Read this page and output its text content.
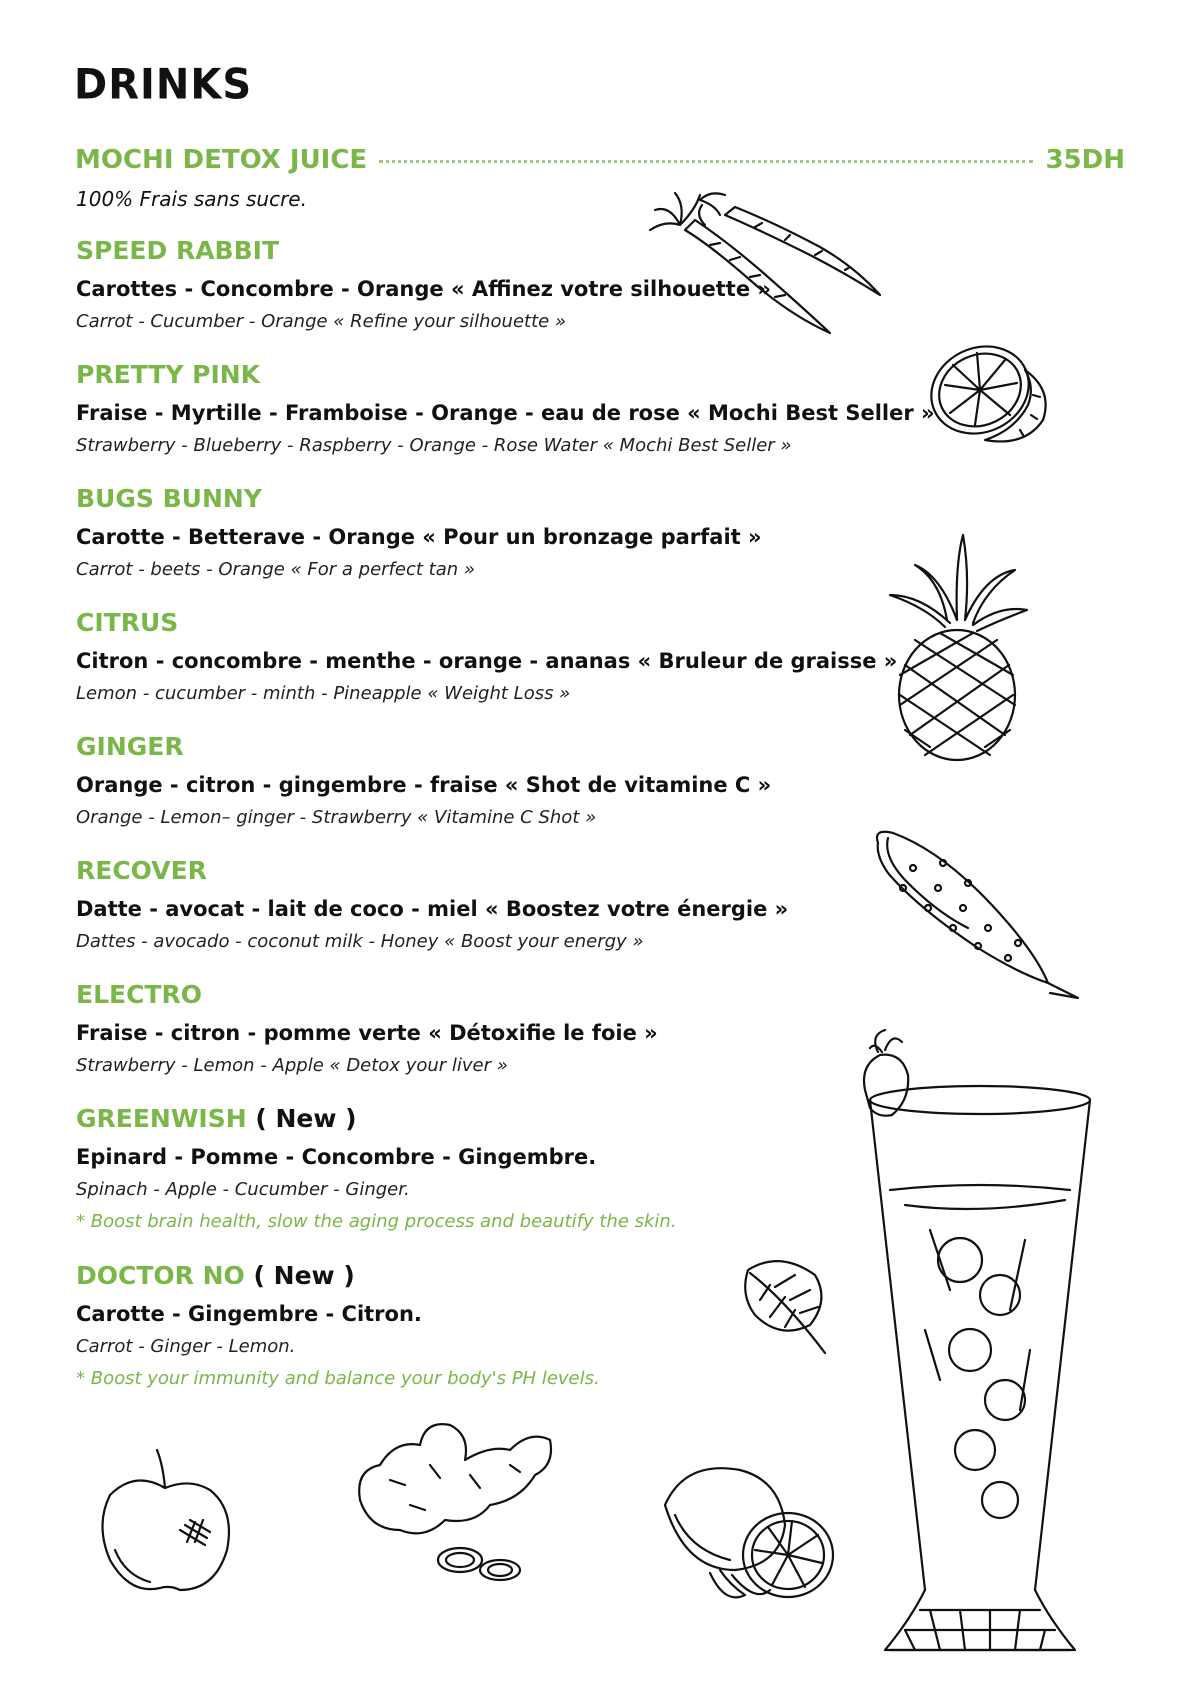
DRINKS
MOCHI DETOX JUICE	35DH
100% Frais sans sucre.
SPEED RABBIT
Carottes - Concombre - Orange « Affinez votre silhouette »
Carrot - Cucumber - Orange « Refine your silhouette »
PRETTY PINK
Fraise - Myrtille - Framboise - Orange - eau de rose « Mochi Best Seller »
Strawberry - Blueberry - Raspberry - Orange - Rose Water « Mochi Best Seller »
BUGS BUNNY
Carotte - Betterave - Orange « Pour un bronzage parfait »
Carrot - beets - Orange « For a perfect tan »
CITRUS
Citron - concombre - menthe - orange - ananas « Bruleur de graisse »
Lemon - cucumber - minth - Pineapple « Weight Loss »
GINGER
Orange - citron - gingembre - fraise « Shot de vitamine C »
Orange - Lemon– ginger - Strawberry « Vitamine C Shot »
RECOVER
Datte - avocat - lait de coco - miel « Boostez votre énergie »
Dattes - avocado - coconut milk - Honey « Boost your energy »
ELECTRO
Fraise - citron - pomme verte « Détoxifie le foie »
Strawberry - Lemon - Apple « Detox your liver »
GREENWISH ( New )
Epinard - Pomme - Concombre - Gingembre.
Spinach - Apple - Cucumber - Ginger.
* Boost brain health, slow the aging process and beautify the skin.
DOCTOR NO ( New )
Carotte - Gingembre - Citron.
Carrot - Ginger - Lemon.
* Boost your immunity and balance your body's PH levels.
